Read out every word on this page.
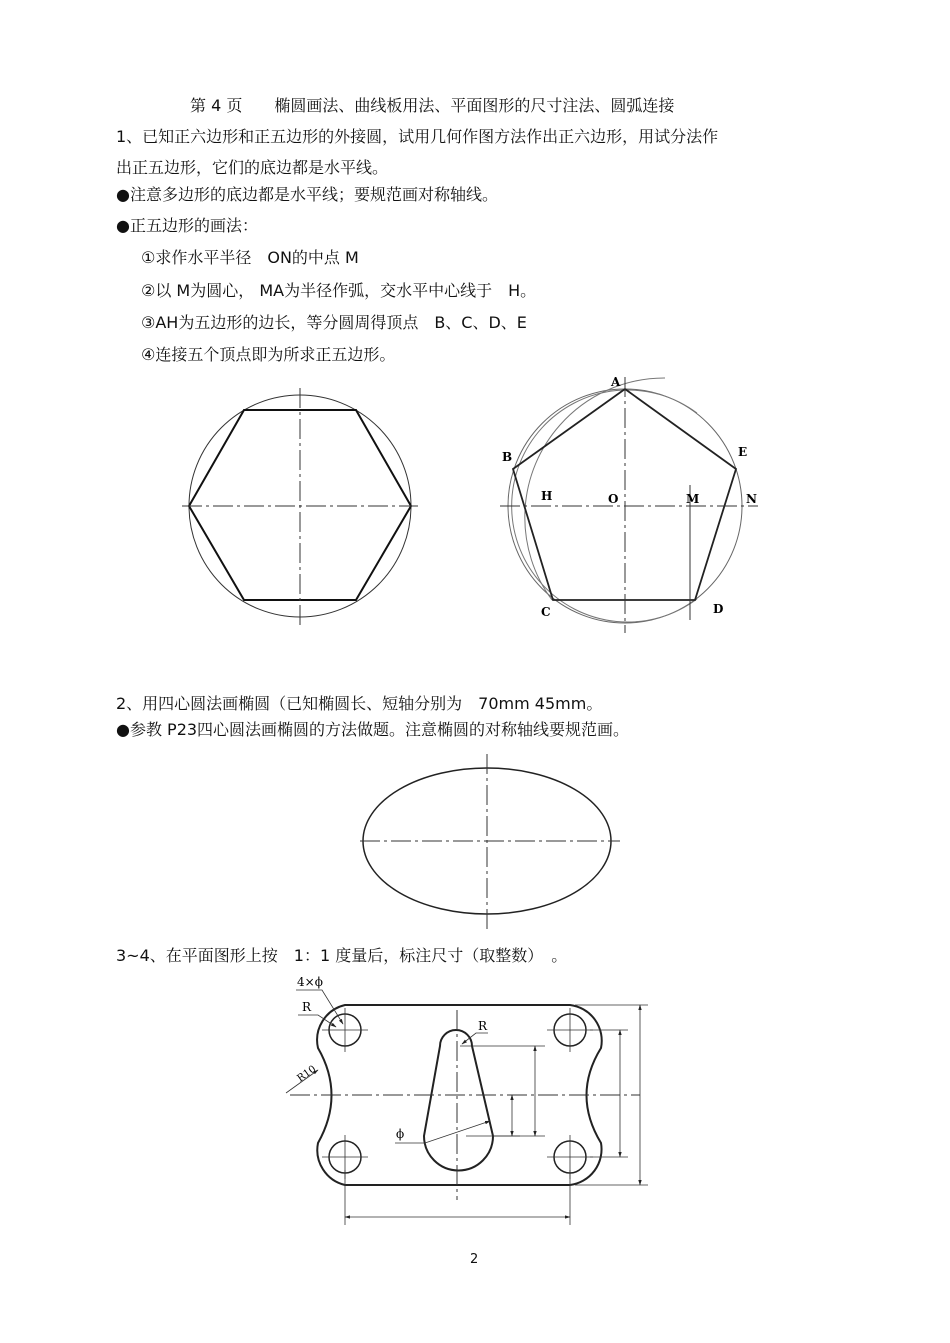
第 4 页　　椭圆画法、曲线板用法、平面图形的尺寸注法、圆弧连接
1、已知正六边形和正五边形的外接圆，试用几何作图方法作出正六边形，用试分法作
出正五边形，它们的底边都是水平线。
●注意多边形的底边都是水平线；要规范画对称轴线。
●正五边形的画法：
①求作水平半径　ON的中点 M
②以 M为圆心， MA为半径作弧，交水平中心线于　H。
③AH为五边形的边长，等分圆周得顶点　B、C、D、E
④连接五个顶点即为所求正五边形。
A
B	E
H	O	M	N
C	D
2、用四心圆法画椭圆（已知椭圆长、短轴分别为　70mm 45mm。
●参教 P23四心圆法画椭圆的方法做题。注意椭圆的对称轴线要规范画。
3~4、在平面图形上按　1：1 度量后，标注尺寸（取整数）　。
4×ϕ
R
R10
R
ϕ
2
